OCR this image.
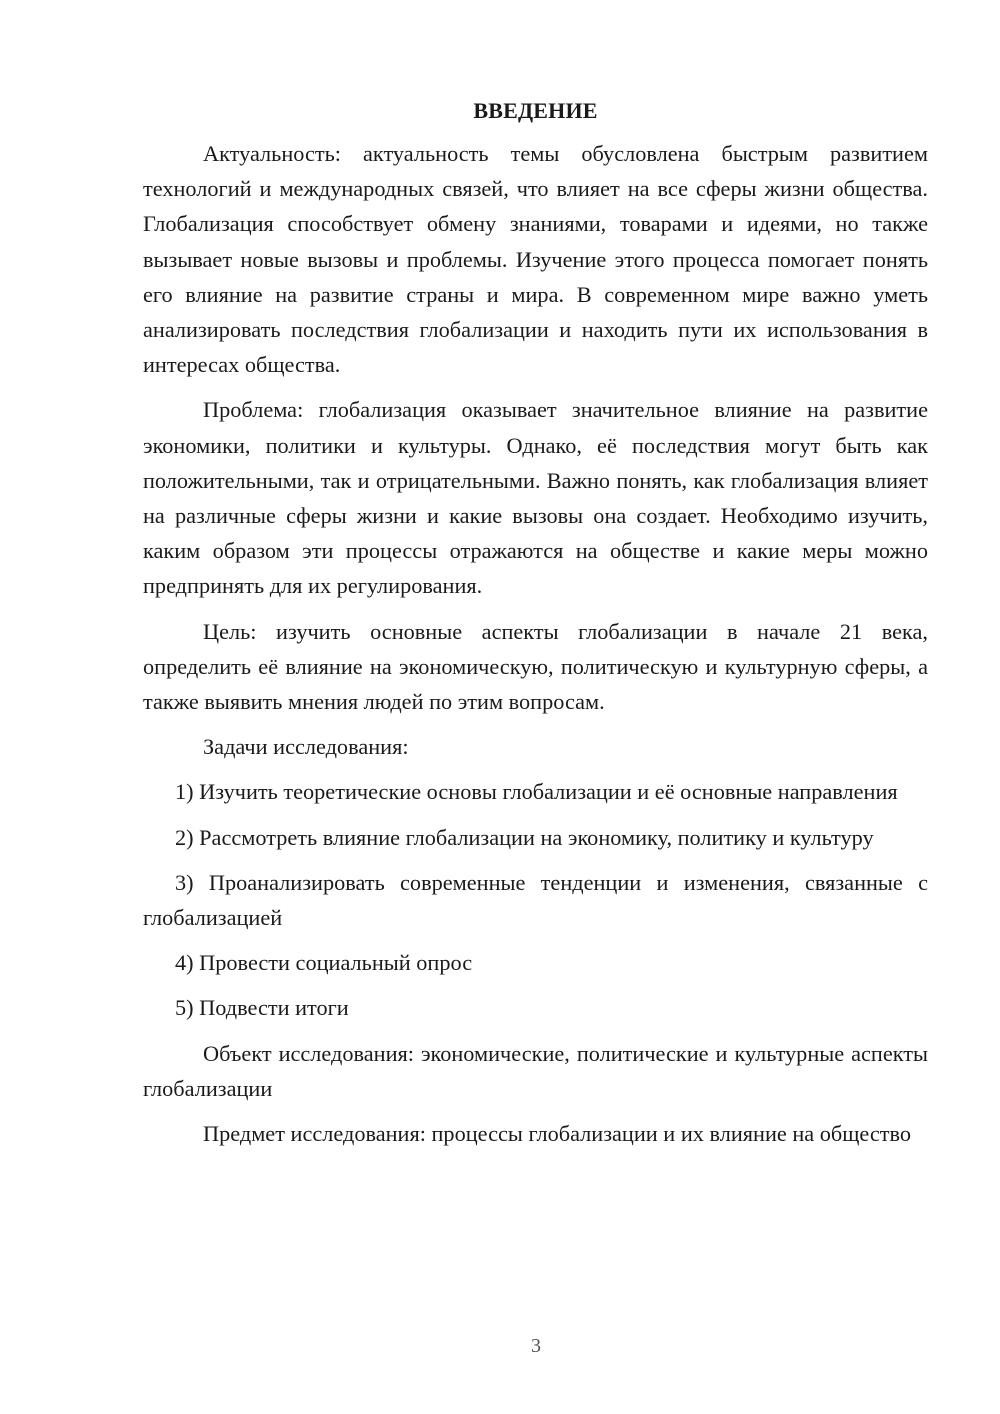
ВВЕДЕНИЕ

Актуальность: актуальность темы обусловлена быстрым развитием технологий и международных связей, что влияет на все сферы жизни общества. Глобализация способствует обмену знаниями, товарами и идеями, но также вызывает новые вызовы и проблемы. Изучение этого процесса помогает понять его влияние на развитие страны и мира. В современном мире важно уметь анализировать последствия глобализации и находить пути их использования в интересах общества.

Проблема: глобализация оказывает значительное влияние на развитие экономики, политики и культуры. Однако, её последствия могут быть как положительными, так и отрицательными. Важно понять, как глобализация влияет на различные сферы жизни и какие вызовы она создает. Необходимо изучить, каким образом эти процессы отражаются на обществе и какие меры можно предпринять для их регулирования.

Цель: изучить основные аспекты глобализации в начале 21 века, определить её влияние на экономическую, политическую и культурную сферы, а также выявить мнения людей по этим вопросам.

Задачи исследования:

1) Изучить теоретические основы глобализации и её основные направления

2) Рассмотреть влияние глобализации на экономику, политику и культуру

3) Проанализировать современные тенденции и изменения, связанные с глобализацией

4) Провести социальный опрос

5) Подвести итоги

Объект исследования: экономические, политические и культурные аспекты глобализации

Предмет исследования: процессы глобализации и их влияние на общество

3
